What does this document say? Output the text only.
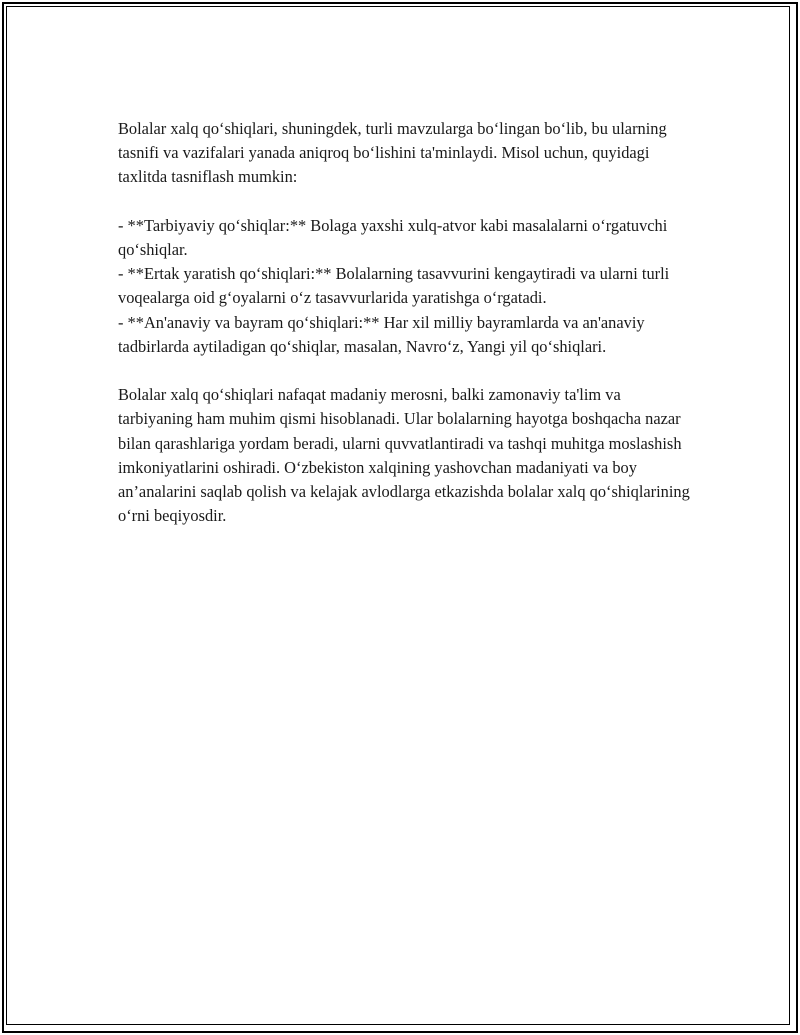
Bolalar xalq qo‘shiqlari, shuningdek, turli mavzularga bo‘lingan bo‘lib, bu ularning tasnifi va vazifalari yanada aniqroq bo‘lishini ta'minlaydi. Misol uchun, quyidagi taxlitda tasniflash mumkin:

- **Tarbiyaviy qo‘shiqlar:** Bolaga yaxshi xulq-atvor kabi masalalarni o‘rgatuvchi qo‘shiqlar.

- **Ertak yaratish qo‘shiqlari:** Bolalarning tasavvurini kengaytiradi va ularni turli voqealarga oid g‘oyalarni o‘z tasavvurlarida yaratishga o‘rgatadi.

- **An'anaviy va bayram qo‘shiqlari:** Har xil milliy bayramlarda va an'anaviy tadbirlarda aytiladigan qo‘shiqlar, masalan, Navro‘z, Yangi yil qo‘shiqlari.

Bolalar xalq qo‘shiqlari nafaqat madaniy merosni, balki zamonaviy ta'lim va tarbiyaning ham muhim qismi hisoblanadi. Ular bolalarning hayotga boshqacha nazar bilan qarashlariga yordam beradi, ularni quvvatlantiradi va tashqi muhitga moslashish imkoniyatlarini oshiradi. O‘zbekiston xalqining yashovchan madaniyati va boy an’analarini saqlab qolish va kelajak avlodlarga etkazishda bolalar xalq qo‘shiqlarining o‘rni beqiyosdir.
